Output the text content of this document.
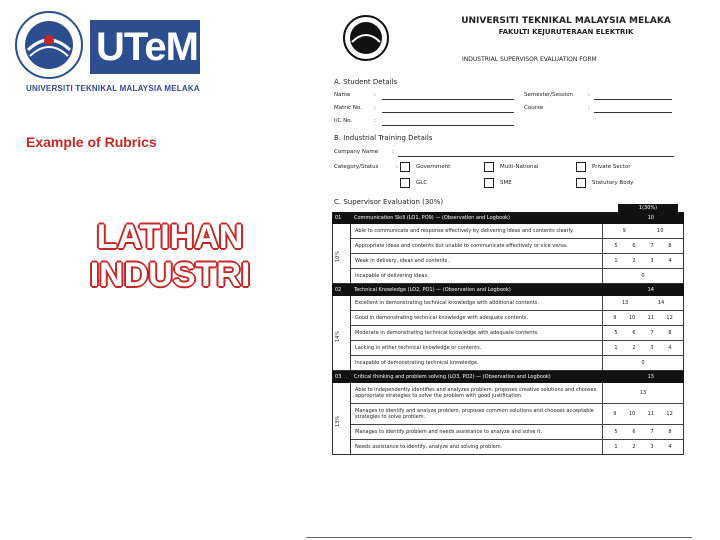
UTeM
UNIVERSITI TEKNIKAL MALAYSIA MELAKA
Example of Rubrics
LATIHAN
INDUSTRI
UNIVERSITI TEKNIKAL MALAYSIA MELAKA
FAKULTI KEJURUTERAAN ELEKTRIK
INDUSTRIAL SUPERVISOR EVALUATION FORM
A. Student Details
Name
Matric No.
I/C No.
:
:
:
Semester/Session
Course
:
:
B. Industrial Training Details
Company Name	:
Category/Status	:	Government	Multi-National	Private Sector
GLC	SME	Statutory Body
C. Supervisor Evaluation (30%)
1(30%)
01	Communication Skill (LO1, PO9) — (Observation and Logbook)	10
10%
Able to communicate and response effectively by delivering ideas and contents clearly.	9	10
Appropriate ideas and contents but unable to communicate effectively or vice versa.	5	6	7	8
Weak in delivery, ideas and contents.	1	2	3	4
Incapable of delivering ideas.	0
02	Technical Knowledge (LO2, PO1) — (Observation and Logbook)	14
14%
Excellent in demonstrating technical knowledge with additional contents.	13	14
Good in demonstrating technical knowledge with adequate contents.	9 10 11 12
Moderate in demonstrating technical knowledge with adequate contents.	5	6	7	8
Lacking in either technical knowledge or contents.	1	2	3	4
Incapable of demonstrating technical knowledge.	0
03	Critical thinking and problem solving (LO3, PO2) — (Observation and Logbook)	13
13%
Able to independently identifies and analyzes problem, proposes creative solutions and chooses appropriate strategies to solve the problem with good justification.	13
Manages to identify and analyze problem, proposes common solutions and chooses acceptable strategies to solve problem.	9 10 11 12
Manages to identify problem and needs assistance to analyze and solve it.	5	6	7	8
Needs assistance to identify, analyze and solving problem.	1	2	3	4
